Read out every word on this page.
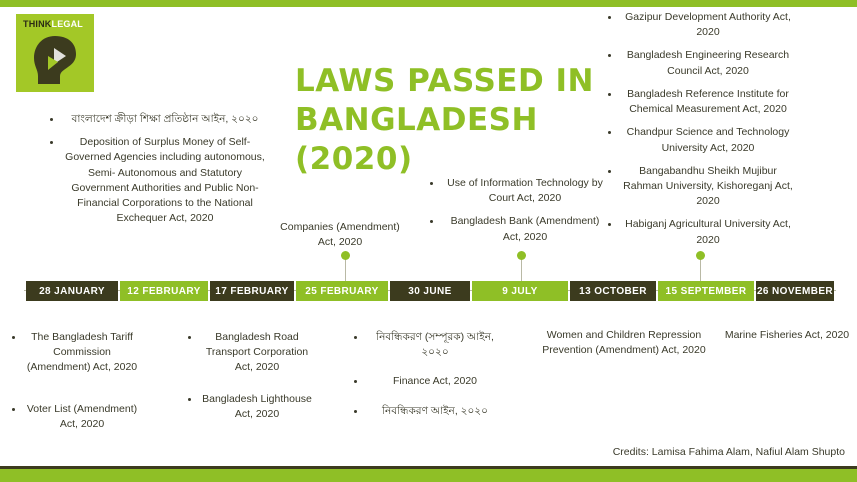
THINKLEGAL
LAWS PASSED IN BANGLADESH (2020)
বাংলাদেশ ক্রীড়া শিক্ষা প্রতিষ্ঠান আইন, ২০২০
Deposition of Surplus Money of Self-Governed Agencies including autonomous, Semi- Autonomous and Statutory Government Authorities and Public Non-Financial Corporations to the National Exchequer Act, 2020
Companies (Amendment) Act, 2020
Use of Information Technology by Court Act, 2020
Bangladesh Bank (Amendment) Act, 2020
Gazipur Development Authority Act, 2020
Bangladesh Engineering Research Council Act, 2020
Bangladesh Reference Institute for Chemical Measurement Act, 2020
Chandpur Science and Technology University Act, 2020
Bangabandhu Sheikh Mujibur Rahman University, Kishoreganj Act, 2020
Habiganj Agricultural University Act, 2020
28 JANUARY	12 FEBRUARY	17 FEBRUARY	25 FEBRUARY	30 JUNE	9 JULY	13 OCTOBER	15 SEPTEMBER	26 NOVEMBER
The Bangladesh Tariff Commission (Amendment) Act, 2020
Voter List (Amendment) Act, 2020
Bangladesh Road Transport Corporation Act, 2020
Bangladesh Lighthouse Act, 2020
নিবন্ধিকরণ (সম্পূরক) আইন, ২০২০
Finance Act, 2020
নিবন্ধিকরণ আইন, ২০২০
Women and Children Repression Prevention (Amendment) Act, 2020
Marine Fisheries Act, 2020
Credits: Lamisa Fahima Alam, Nafiul Alam Shupto
